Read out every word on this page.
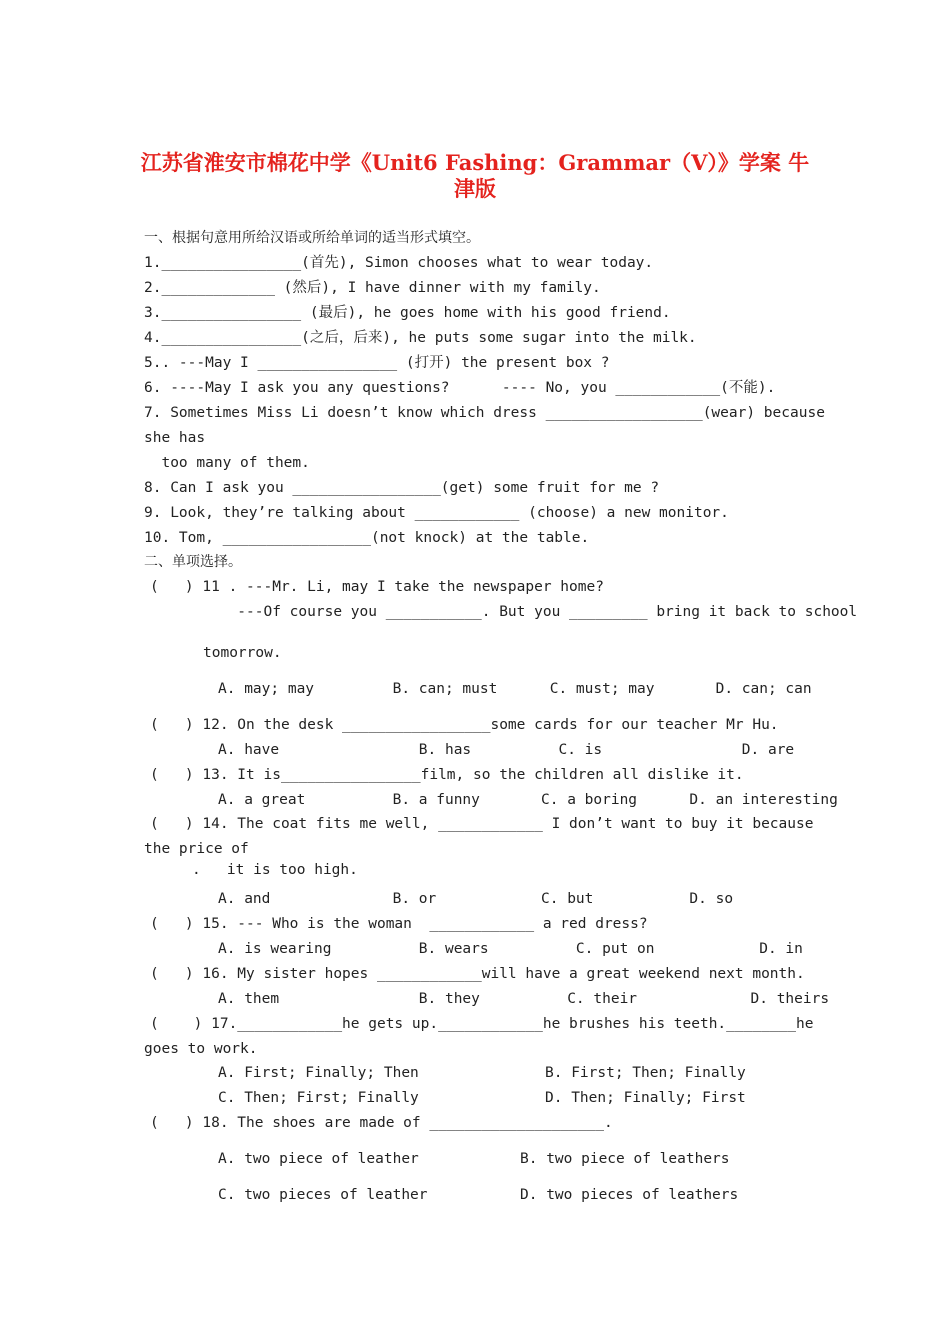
江苏省淮安市棉花中学《Unit6 Fashing：Grammar（Ⅴ）》学案 牛
津版
一、根据句意用所给汉语或所给单词的适当形式填空。
1.________________(首先), Simon chooses what to wear today.
2._____________ (然后), I have dinner with my family.
3.________________ (最后), he goes home with his good friend.
4.________________(之后，后来), he puts some sugar into the milk.
5.. ---May I ________________ (打开) the present box ?
6. ----May I ask you any questions?      ---- No, you ____________(不能).
7. Sometimes Miss Li doesn’t know which dress __________________(wear) because
she has
too many of them.
8. Can I ask you _________________(get) some fruit for me ?
9. Look, they’re talking about ____________ (choose) a new monitor.
10. Tom, _________________(not knock) at the table.
二、单项选择。
(   ) 11 . ---Mr. Li, may I take the newspaper home?
---Of course you ___________. But you _________ bring it back to school
tomorrow.
A. may; may         B. can; must      C. must; may       D. can; can
(   ) 12. On the desk _________________some cards for our teacher Mr Hu.
A. have                B. has          C. is                D. are
(   ) 13. It is________________film, so the children all dislike it.
A. a great          B. a funny       C. a boring      D. an interesting
(   ) 14. The coat fits me well, ____________ I don’t want to buy it because
the price of
.   it is too high.
A. and              B. or            C. but           D. so
(   ) 15. --- Who is the woman  ____________ a red dress?
A. is wearing          B. wears          C. put on            D. in
(   ) 16. My sister hopes ____________will have a great weekend next month.
A. them                B. they          C. their             D. theirs
(    ) 17.____________he gets up.____________he brushes his teeth.________he
goes to work.
A. First; Finally; Then	B. First; Then; Finally
C. Then; First; Finally	D. Then; Finally; First
(   ) 18. The shoes are made of ____________________.
A. two piece of leather	B. two piece of leathers
C. two pieces of leather	D. two pieces of leathers
